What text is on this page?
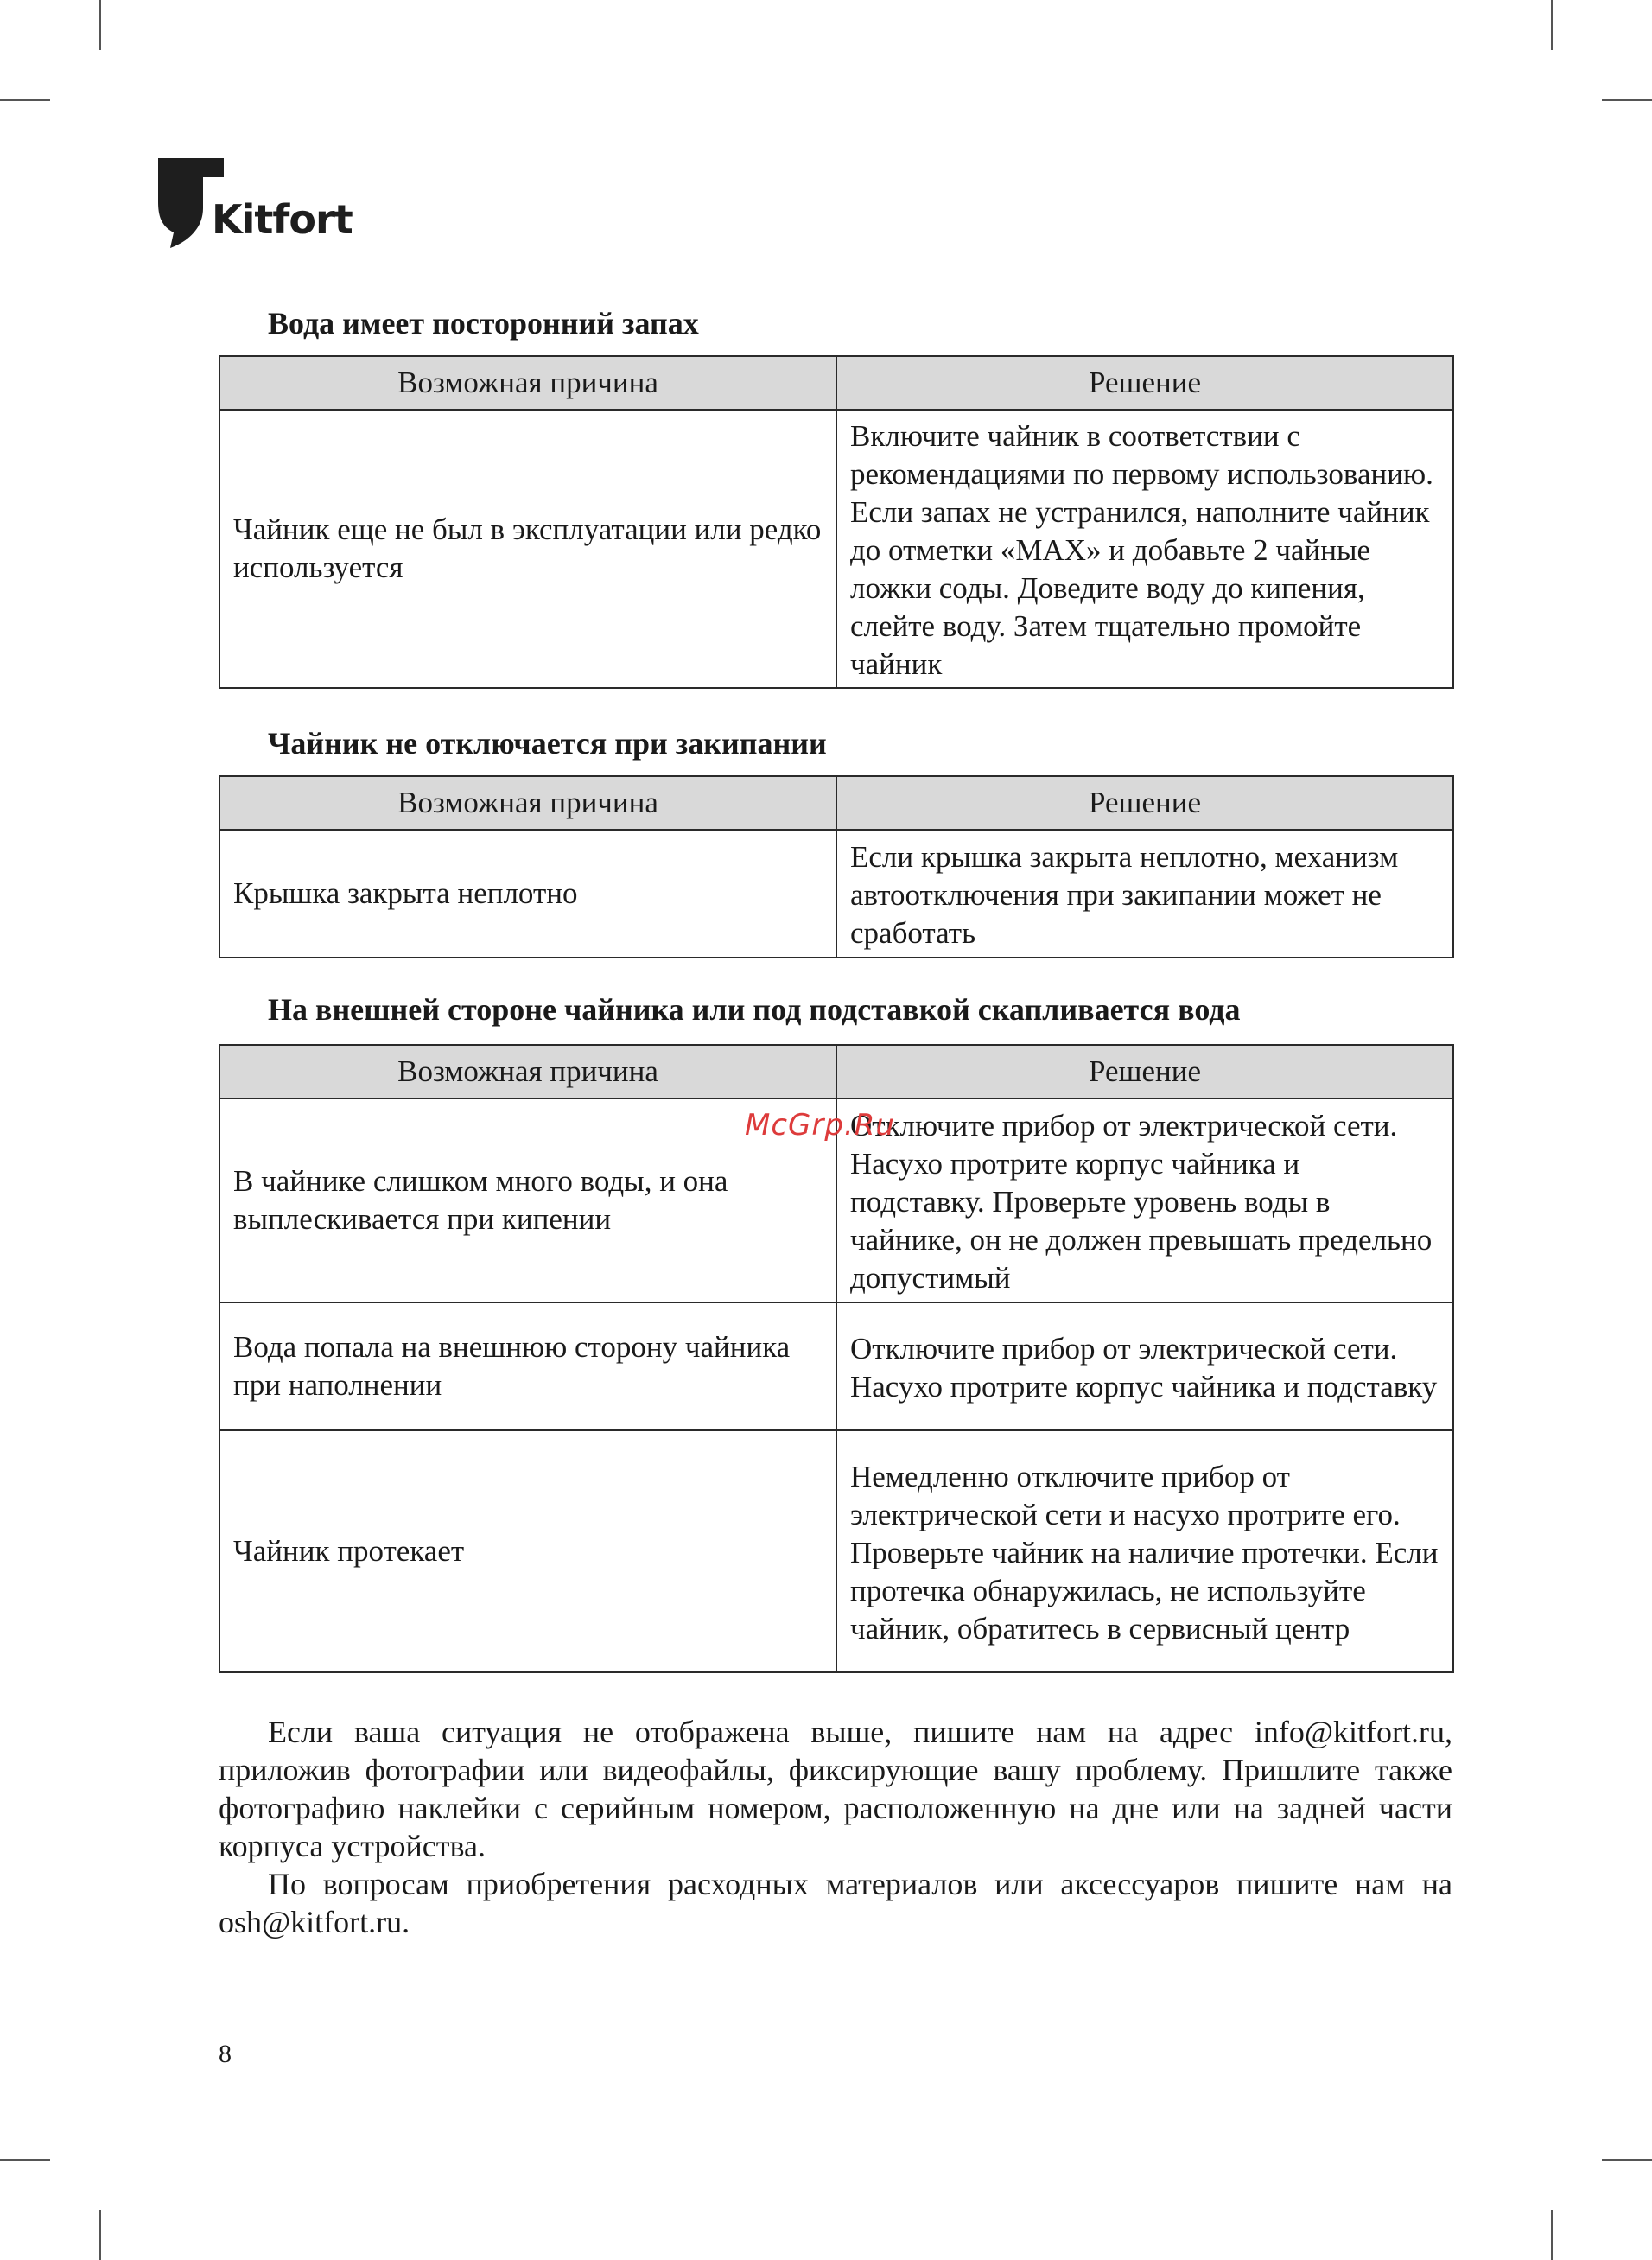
Kitfort
Вода имеет посторонний запах
Возможная причина	Решение
Чайник еще не был в эксплуатации или редко используется	Включите чайник в соответствии с рекомендациями по первому использованию. Если запах не устранился, наполните чайник до отметки «MAX» и добавьте 2 чайные ложки соды. Доведите воду до кипения, слейте воду. Затем тщательно промойте чайник
Чайник не отключается при закипании
Возможная причина	Решение
Крышка закрыта неплотно	Если крышка закрыта неплотно, механизм автоотключения при закипании может не сработать
На внешней стороне чайника или под подставкой скапливается вода
Возможная причина	Решение
В чайнике слишком много воды, и она выплескивается при кипении	Отключите прибор от электрической сети. Насухо протрите корпус чайника и подставку. Проверьте уровень воды в чайнике, он не должен превышать предельно допустимый
Вода попала на внешнюю сторону чайника при наполнении	Отключите прибор от электрической сети. Насухо протрите корпус чайника и подставку
Чайник протекает	Немедленно отключите прибор от электрической сети и насухо протрите его. Проверьте чайник на наличие протечки. Если протечка обнаружилась, не используйте чайник, обратитесь в сервисный центр
McGrp.Ru

Если ваша ситуация не отображена выше, пишите нам на адрес info@kitfort.ru, приложив фотографии или видеофайлы, фиксирующие вашу проблему. Пришлите также фотографию наклейки с серийным номером, расположенную на дне или на задней части корпуса устройства.

По вопросам приобретения расходных материалов или аксессуаров пишите нам на osh@kitfort.ru.

8
